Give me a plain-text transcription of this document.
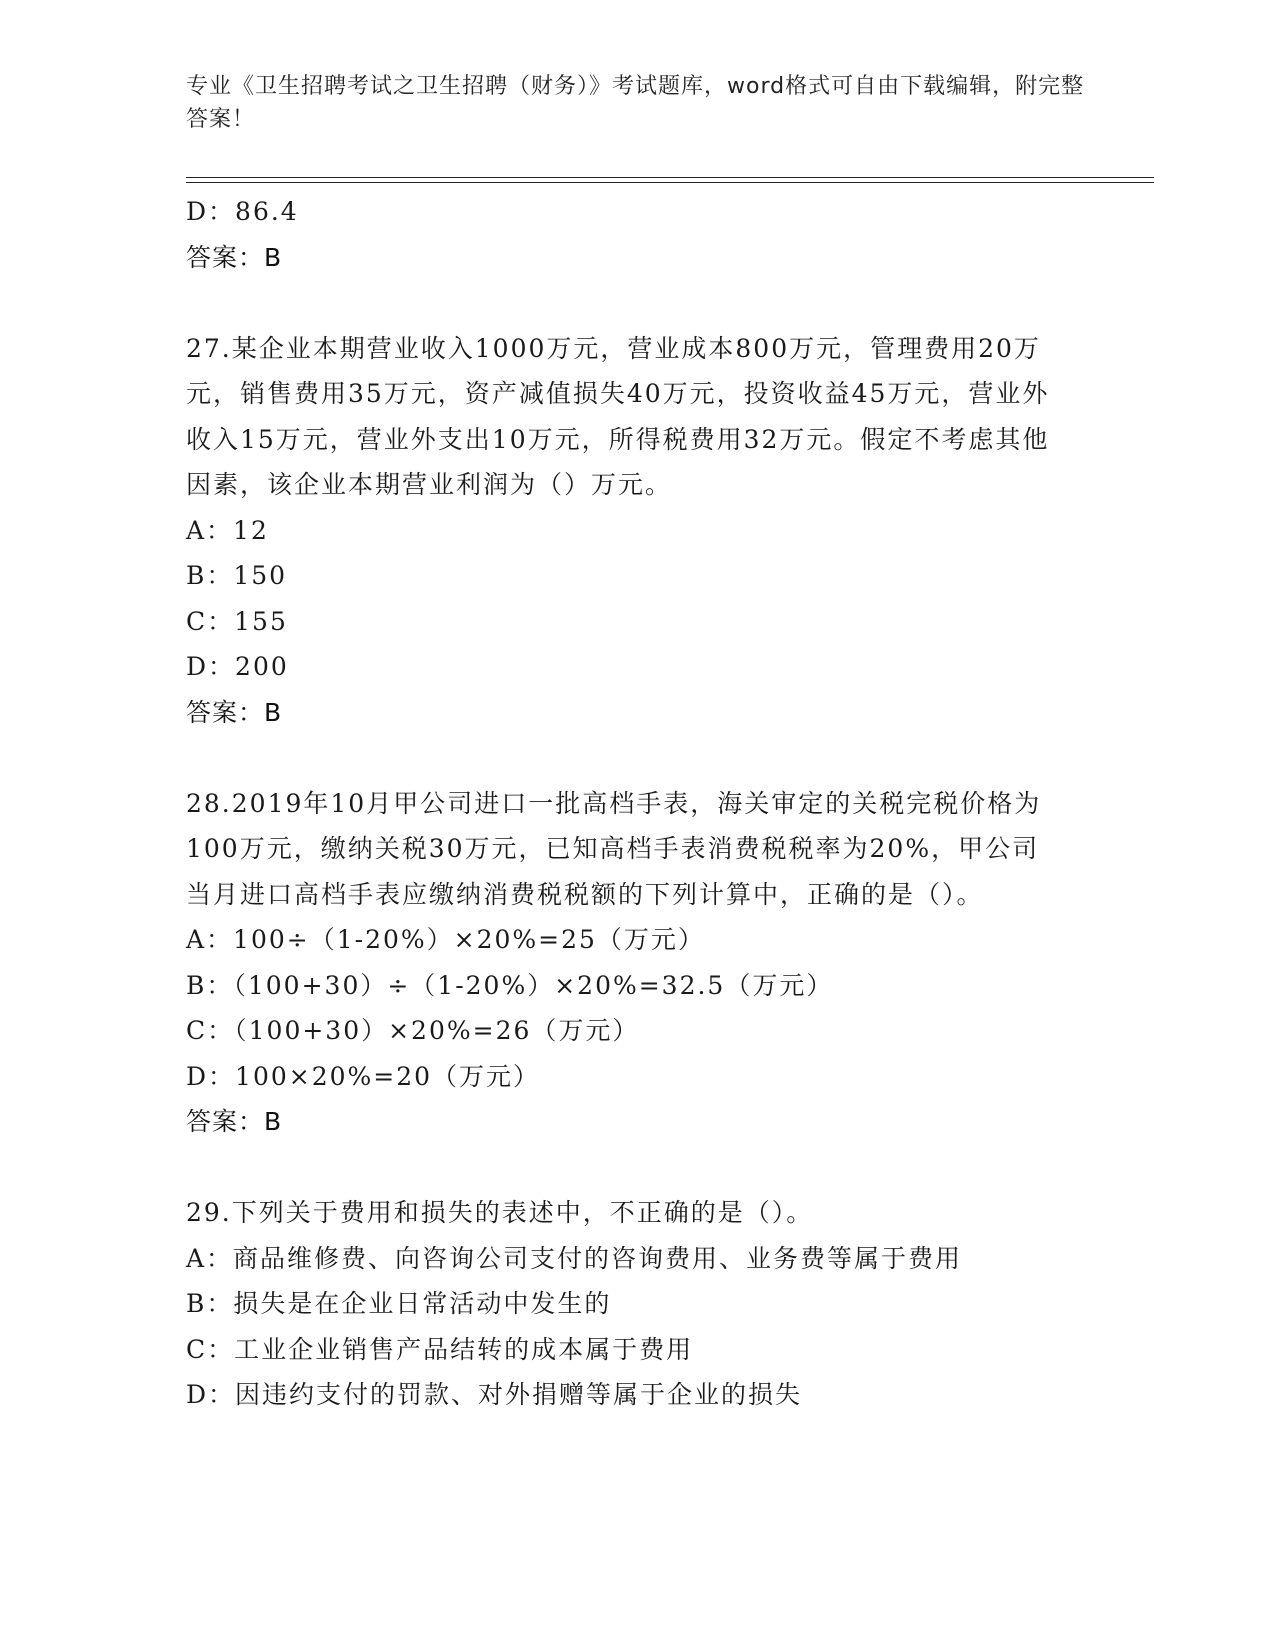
专业《卫生招聘考试之卫生招聘（财务）》考试题库，word格式可自由下载编辑，附完整答案！
D：86.4
答案：B
27.某企业本期营业收入1000万元，营业成本800万元，管理费用20万元，销售费用35万元，资产减值损失40万元，投资收益45万元，营业外收入15万元，营业外支出10万元，所得税费用32万元。假定不考虑其他因素，该企业本期营业利润为（）万元。
A：12
B：150
C：155
D：200
答案：B
28.2019年10月甲公司进口一批高档手表，海关审定的关税完税价格为100万元，缴纳关税30万元，已知高档手表消费税税率为20%，甲公司当月进口高档手表应缴纳消费税税额的下列计算中，正确的是（）。
A：100÷（1-20%）×20%=25（万元）
B：（100+30）÷（1-20%）×20%=32.5（万元）
C：（100+30）×20%=26（万元）
D：100×20%=20（万元）
答案：B
29.下列关于费用和损失的表述中，不正确的是（）。
A：商品维修费、向咨询公司支付的咨询费用、业务费等属于费用
B：损失是在企业日常活动中发生的
C：工业企业销售产品结转的成本属于费用
D：因违约支付的罚款、对外捐赠等属于企业的损失
